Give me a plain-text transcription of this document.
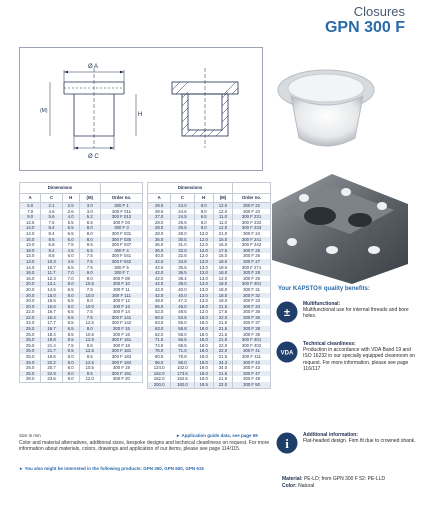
Closures
GPN 300 F
Ø A
Ø C
(M)
H
Dimensions				
A	C	H	(M)	Order no.
5.0	2.1	2.5	3.0	300 F 1
7.0	4.6	2.6	3.0	300 F 011
9.0	5.6	4.0	5.2	300 F 012
12.5	7.5	5.5	6.5	300 F 03
14.0	8.4	6.5	8.0	300 F 3
14.0	8.4	6.5	8.0	300 F 031
16.0	8.6	6.0	8.0	300 F 035
13.0	6.8	7.5	9.5	300 F 037
18.0	9.2	4.5	6.5	300 F 4
13.0	8.8	6.0	7.5	300 F 041
13.0	10.3	4.5	7.5	300 F 042
14.0	10.7	5.5	7.5	300 F 5
16.0	11.7	7.0	9.0	300 F 7
16.0	12.3	7.0	9.0	300 F 08
20.0	13.1	8.0	10.5	300 F 10
20.0	14.6	6.5	7.5	300 F 11
20.0	15.0	8.0	10.0	300 F 111
20.0	15.6	6.5	8.0	300 F 12
20.0	15.6	8.0	10.0	300 F 13
22.0	16.7	6.5	7.5	300 F 14
22.0	16.4	6.5	7.5	300 F 141
22.0	17.7	8.5	12.5	300 F 142
25.0	16.7	6.5	8.0	300 F 15
25.0	18.4	8.5	10.5	300 F 16
25.0	19.8	8.5	12.5	300 F 161
25.0	21.4	7.5	9.5	300 F 18
25.0	21.7	9.5	12.5	300 F 181
25.0	19.6	8.0	9.5	300 F 183
25.0	22.2	8.0	12.5	300 F 184
25.0	20.7	8.0	10.5	300 F 19
25.0	22.8	8.0	9.5	300 F 191
28.0	23.6	9.0	12.0	300 F 20
Dimensions				
A	C	H	(M)	Order no.
28.0	24.0	9.0	12.0	300 F 22
28.0	24.6	9.0	12.0	300 F 23
27.0	24.5	6.5	11.0	300 F 231
28.0	25.5	8.0	11.0	300 F 232
28.0	26.5	9.0	12.0	300 F 233
28.0	28.0	12.0	21.0	300 F 24
36.0	30.5	12.0	15.0	300 F 241
36.0	31.0	12.0	16.0	300 F 242
36.0	32.0	12.0	17.5	300 F 25
40.0	32.8	12.0	15.0	300 F 26
42.0	34.8	13.0	18.0	300 F 27
42.0	35.5	13.0	18.0	300 F 271
42.0	36.5	13.0	18.0	300 F 28
42.0	38.4	13.0	12.0	300 F 29
42.0	39.0	13.0	18.0	300 F 301
42.0	40.0	13.0	18.0	300 F 31
42.0	40.0	13.0	18.0	300 F 32
48.0	47.3	13.0	18.0	300 F 33
56.0	46.0	18.0	21.5	300 F 34
52.0	48.5	12.0	17.5	300 F 35
60.0	53.5	18.0	22.0	300 F 36
63.0	55.0	18.0	21.5	300 F 37
63.0	55.8	18.0	21.5	300 F 38
62.0	58.0	18.0	21.5	300 F 39
71.5	66.5	18.0	21.5	300 F 401
74.0	68.5	18.0	22.0	300 F 402
76.0	71.0	18.0	22.0	300 F 41
80.0	75.8	18.0	21.5	300 F 411
96.0	86.0	18.0	34.3	300 F 42
124.0	102.0	19.0	34.0	300 F 43
162.0	173.5	18.0	21.5	300 F 47
162.0	152.5	18.0	21.5	300 F 48
200.0	182.0	19.5	22.0	300 F 50
Size in mm	► Application guide data, see page 59
Color and material alternatives, additional sizes, bespoke designs and technical cleanliness on request. For more information about materials, colors, drawings and application of our items, please see page 114/115.
► You also might be interested in the following products: GPN 350, GPN 600, GPN 615
Your KAPSTO® quality benefits:
±
Multifunctional:
Multifunctional use for internal threads and bore holes.
VDA
Technical cleanliness:
Production in accordance with VDA Band 19 and ISO 16232 in our specially equipped cleanroom on request. For more information, please see page 116/117
i
Additional information:
Flat-headed design. Firm fit due to crowned shank.
Material: PE-LD; from GPN 300 F 52: PE-LLD
Color: Natural
